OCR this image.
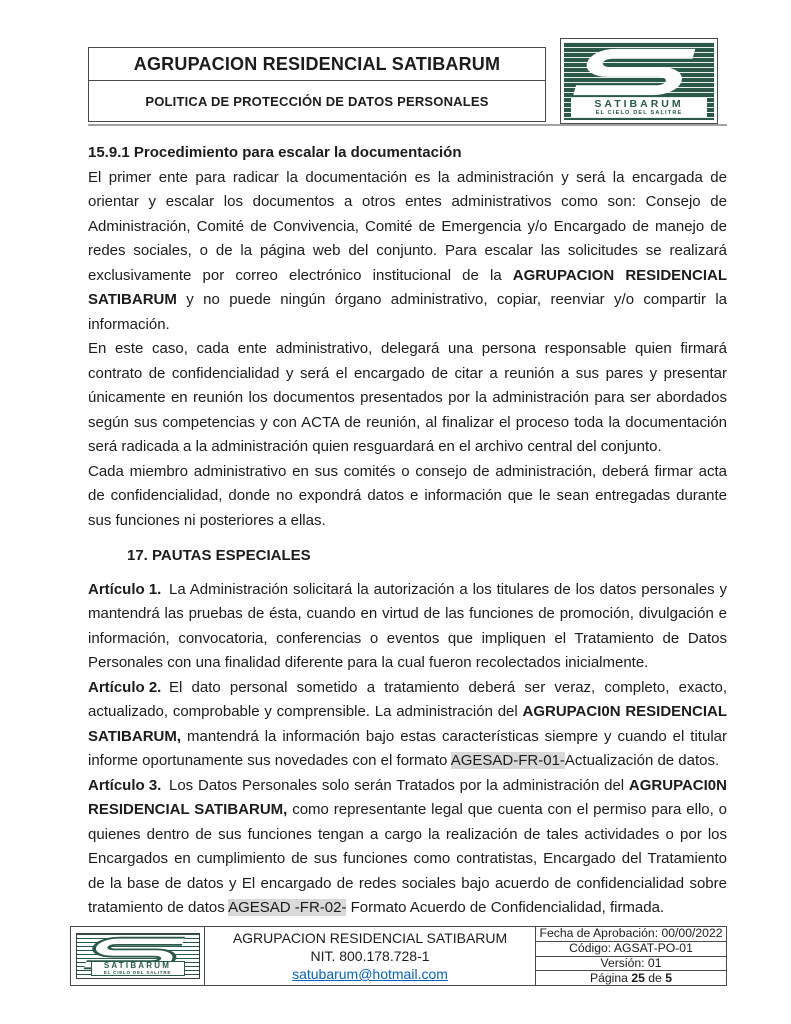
AGRUPACION RESIDENCIAL SATIBARUM
POLITICA DE PROTECCIÓN DE DATOS PERSONALES	SATIBARUM
EL CIELO DEL SALITRE
15.9.1 Procedimiento para escalar la documentación

El primer ente para radicar la documentación es la administración y será la encargada de orientar y escalar los documentos a otros entes administrativos como son: Consejo de Administración, Comité de Convivencia, Comité de Emergencia y/o Encargado de manejo de redes sociales, o de la página web del conjunto. Para escalar las solicitudes se realizará exclusivamente por correo electrónico institucional de la AGRUPACION RESIDENCIAL SATIBARUM y no puede ningún órgano administrativo, copiar, reenviar y/o compartir la información.

En este caso, cada ente administrativo, delegará una persona responsable quien firmará contrato de confidencialidad y será el encargado de citar a reunión a sus pares y presentar únicamente en reunión los documentos presentados por la administración para ser abordados según sus competencias y con ACTA de reunión, al finalizar el proceso toda la documentación será radicada a la administración quien resguardará en el archivo central del conjunto.

Cada miembro administrativo en sus comités o consejo de administración, deberá firmar acta de confidencialidad, donde no expondrá datos e información que le sean entregadas durante sus funciones ni posteriores a ellas.

17. PAUTAS ESPECIALES

Artículo 1. La Administración solicitará la autorización a los titulares de los datos personales y mantendrá las pruebas de ésta, cuando en virtud de las funciones de promoción, divulgación e información, convocatoria, conferencias o eventos que impliquen el Tratamiento de Datos Personales con una finalidad diferente para la cual fueron recolectados inicialmente.

Artículo 2. El dato personal sometido a tratamiento deberá ser veraz, completo, exacto, actualizado, comprobable y comprensible. La administración del AGRUPACI0N RESIDENCIAL SATIBARUM, mantendrá la información bajo estas características siempre y cuando el titular informe oportunamente sus novedades con el formato AGESAD-FR-01-Actualización de datos.

Artículo 3. Los Datos Personales solo serán Tratados por la administración del AGRUPACI0N RESIDENCIAL SATIBARUM, como representante legal que cuenta con el permiso para ello, o quienes dentro de sus funciones tengan a cargo la realización de tales actividades o por los Encargados en cumplimiento de sus funciones como contratistas, Encargado del Tratamiento de la base de datos y El encargado de redes sociales bajo acuerdo de confidencialidad sobre tratamiento de datos AGESAD -FR-02- Formato Acuerdo de Confidencialidad, firmada.

SATIBARUM
EL CIELO DEL SALITRE
AGRUPACION RESIDENCIAL SATIBARUM
NIT. 800.178.728-1
satubarum@hotmail.com
Fecha de Aprobación: 00/00/2022
Código: AGSAT-PO-01
Versión: 01
Página
25
de
5
